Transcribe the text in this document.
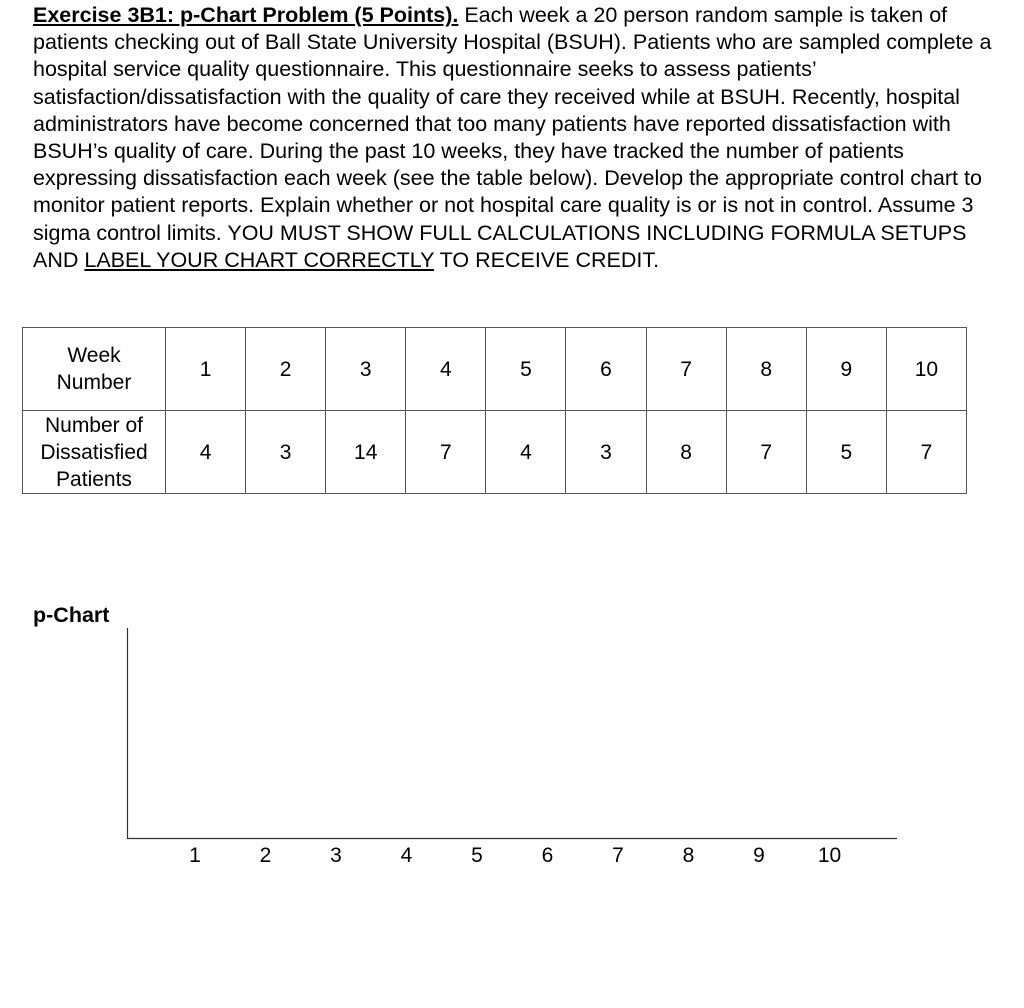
Exercise 3B1: p-Chart Problem (5 Points). Each week a 20 person random sample is taken of patients checking out of Ball State University Hospital (BSUH). Patients who are sampled complete a hospital service quality questionnaire. This questionnaire seeks to assess patients’ satisfaction/dissatisfaction with the quality of care they received while at BSUH. Recently, hospital administrators have become concerned that too many patients have reported dissatisfaction with BSUH’s quality of care. During the past 10 weeks, they have tracked the number of patients expressing dissatisfaction each week (see the table below). Develop the appropriate control chart to monitor patient reports. Explain whether or not hospital care quality is or is not in control. Assume 3 sigma control limits. YOU MUST SHOW FULL CALCULATIONS INCLUDING FORMULA SETUPS AND LABEL YOUR CHART CORRECTLY TO RECEIVE CREDIT.

Week
Number	1	2	3	4	5	6	7	8	9	10

Number of
Dissatisfied
Patients	4	3	14	7	4	3	8	7	5	7
p-Chart
1	2	3	4	5	6	7	8	9	10
